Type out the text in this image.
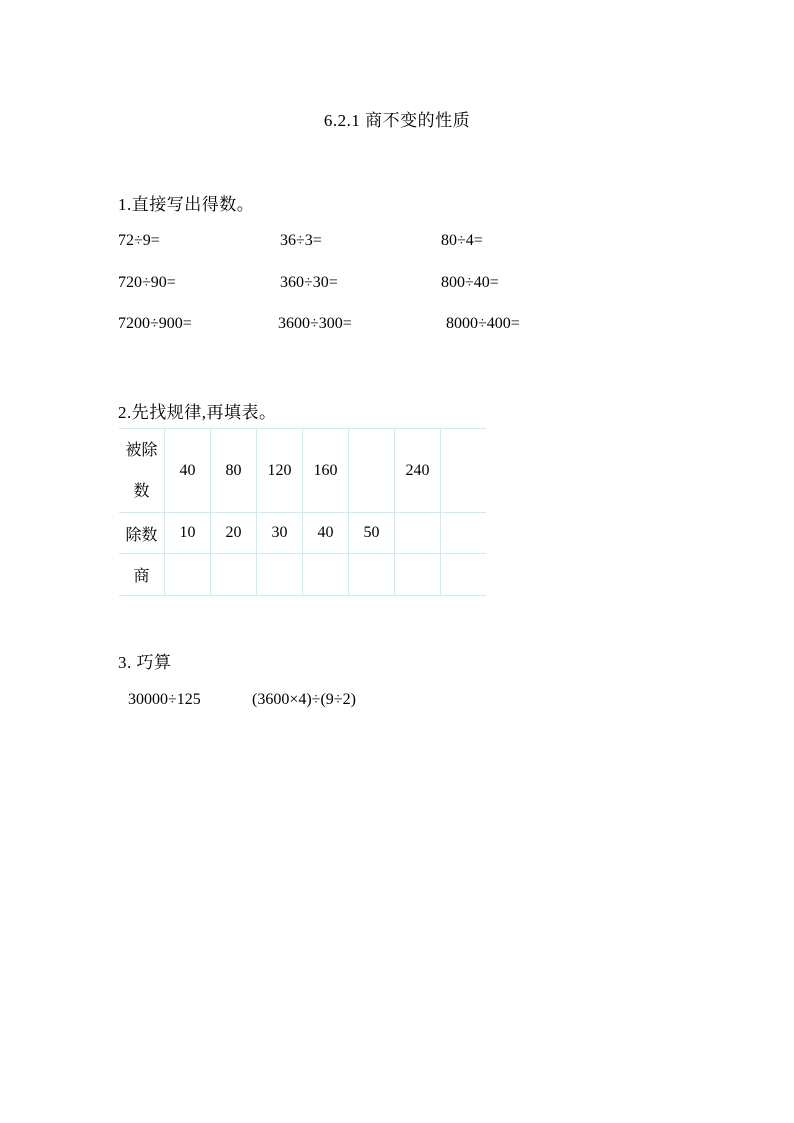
6.2.1 商不变的性质
1.直接写出得数。
72÷9=	36÷3=	80÷4=
720÷90=	360÷30=	800÷40=
7200÷900=	3600÷300=	8000÷400=
2.先找规律,再填表。
被除
数	40	80	120	160		240	
除数	10	20	30	40	50		
商							
3. 巧算
30000÷125	(3600×4)÷(9÷2)
